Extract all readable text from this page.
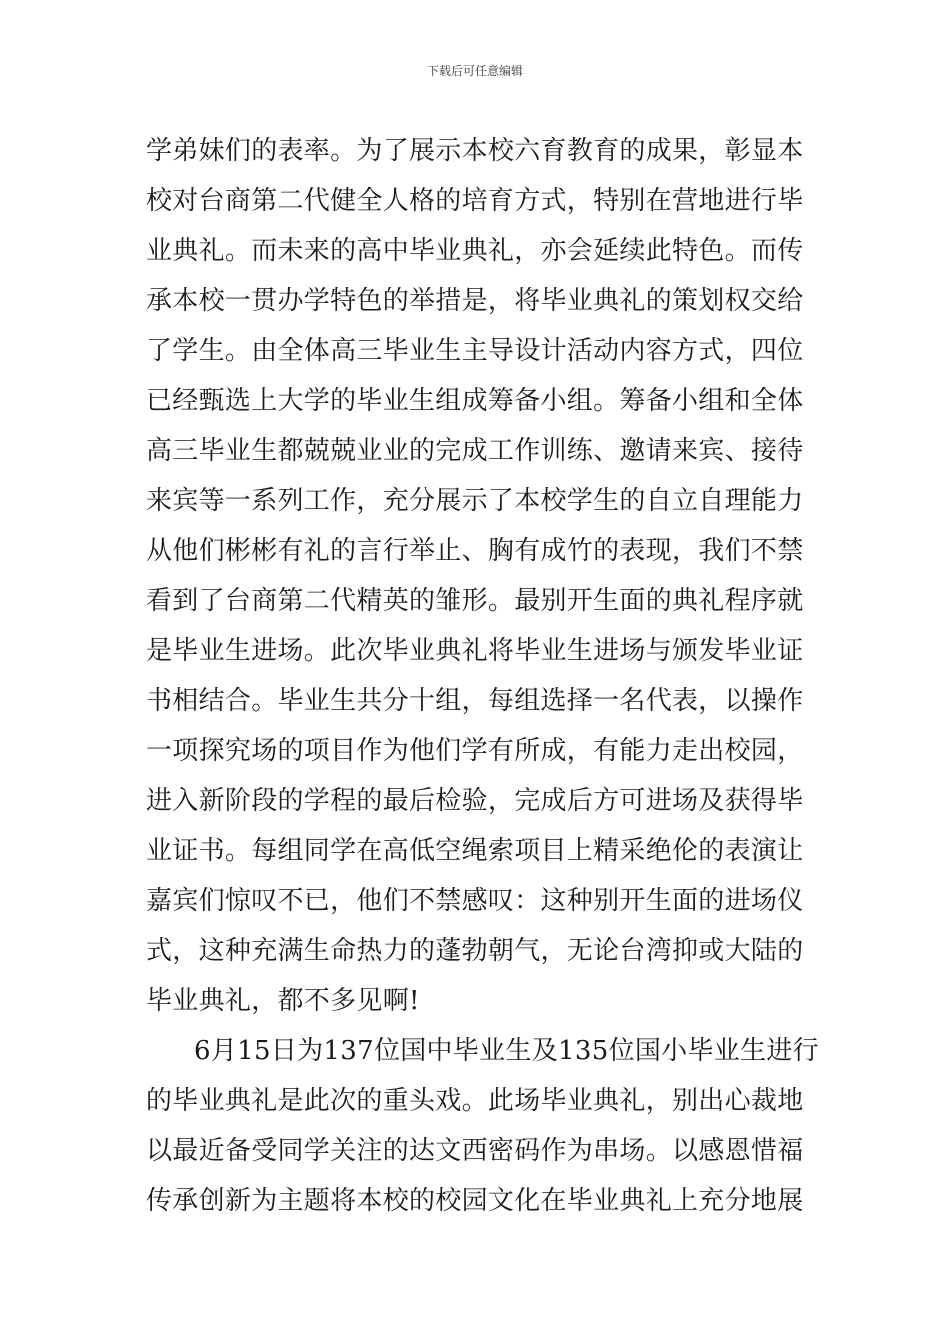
下载后可任意编辑
学弟妹们的表率。为了展示本校六育教育的成果，彰显本
校对台商第二代健全人格的培育方式，特别在营地进行毕
业典礼。而未来的高中毕业典礼，亦会延续此特色。而传
承本校一贯办学特色的举措是，将毕业典礼的策划权交给
了学生。由全体高三毕业生主导设计活动内容方式，四位
已经甄选上大学的毕业生组成筹备小组。筹备小组和全体
高三毕业生都兢兢业业的完成工作训练、邀请来宾、接待
来宾等一系列工作，充分展示了本校学生的自立自理能力
从他们彬彬有礼的言行举止、胸有成竹的表现，我们不禁
看到了台商第二代精英的雏形。最别开生面的典礼程序就
是毕业生进场。此次毕业典礼将毕业生进场与颁发毕业证
书相结合。毕业生共分十组，每组选择一名代表，以操作
一项探究场的项目作为他们学有所成，有能力走出校园，
进入新阶段的学程的最后检验，完成后方可进场及获得毕
业证书。每组同学在高低空绳索项目上精采绝伦的表演让
嘉宾们惊叹不已，他们不禁感叹：这种别开生面的进场仪
式，这种充满生命热力的蓬勃朝气，无论台湾抑或大陆的
毕业典礼，都不多见啊!
6月15日为137位国中毕业生及135位国小毕业生进行
的毕业典礼是此次的重头戏。此场毕业典礼，别出心裁地
以最近备受同学关注的达文西密码作为串场。以感恩惜福
传承创新为主题将本校的校园文化在毕业典礼上充分地展
